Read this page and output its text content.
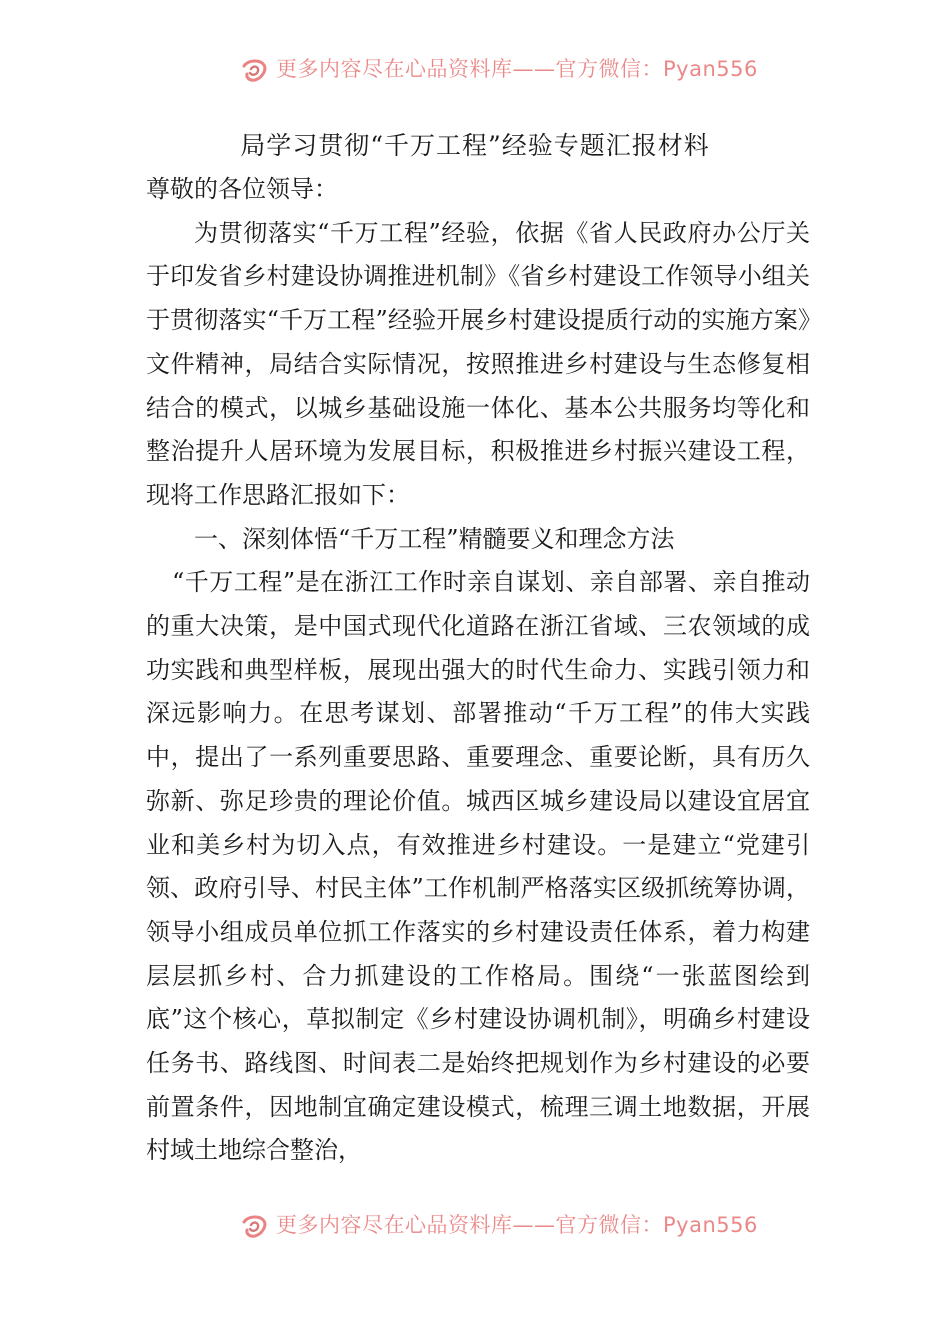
更多内容尽在心品资料库——官方微信：Pyan556
局学习贯彻“千万工程”经验专题汇报材料

尊敬的各位领导：

为贯彻落实“千万工程”经验，依据《省人民政府办公厅关于印发省乡村建设协调推进机制》《省乡村建设工作领导小组关于贯彻落实“千万工程”经验开展乡村建设提质行动的实施方案》文件精神，局结合实际情况，按照推进乡村建设与生态修复相结合的模式，以城乡基础设施一体化、基本公共服务均等化和整治提升人居环境为发展目标，积极推进乡村振兴建设工程，现将工作思路汇报如下：

一、深刻体悟“千万工程”精髓要义和理念方法

“千万工程”是在浙江工作时亲自谋划、亲自部署、亲自推动的重大决策，是中国式现代化道路在浙江省域、三农领域的成功实践和典型样板，展现出强大的时代生命力、实践引领力和深远影响力。在思考谋划、部署推动“千万工程”的伟大实践中，提出了一系列重要思路、重要理念、重要论断，具有历久弥新、弥足珍贵的理论价值。城西区城乡建设局以建设宜居宜业和美乡村为切入点，有效推进乡村建设。一是建立“党建引领、政府引导、村民主体”工作机制严格落实区级抓统筹协调，领导小组成员单位抓工作落实的乡村建设责任体系，着力构建层层抓乡村、合力抓建设的工作格局。围绕“一张蓝图绘到底”这个核心，草拟制定《乡村建设协调机制》，明确乡村建设任务书、路线图、时间表二是始终把规划作为乡村建设的必要前置条件，因地制宜确定建设模式，梳理三调土地数据，开展村域土地综合整治，

更多内容尽在心品资料库——官方微信：Pyan556
